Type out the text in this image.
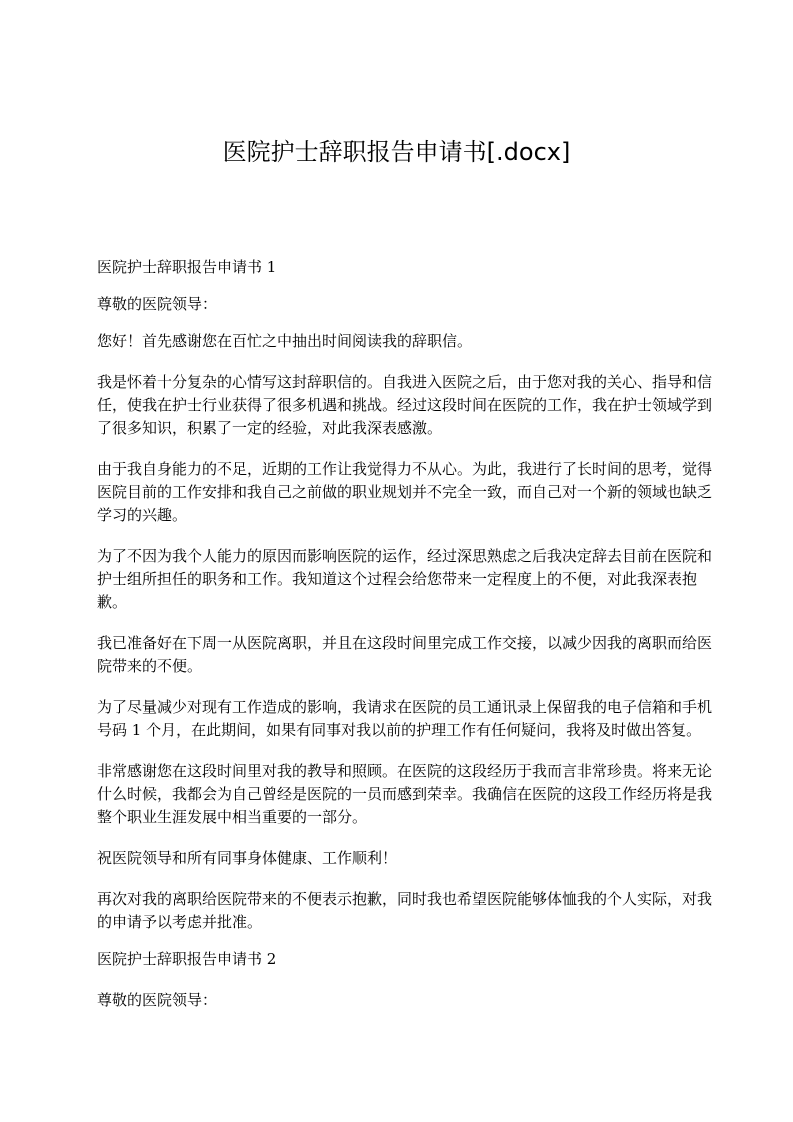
医院护士辞职报告申请书[.docx]

医院护士辞职报告申请书 1

尊敬的医院领导：

您好！首先感谢您在百忙之中抽出时间阅读我的辞职信。

我是怀着十分复杂的心情写这封辞职信的。自我进入医院之后，由于您对我的关心、指导和信任，使我在护士行业获得了很多机遇和挑战。经过这段时间在医院的工作，我在护士领域学到了很多知识，积累了一定的经验，对此我深表感激。

由于我自身能力的不足，近期的工作让我觉得力不从心。为此，我进行了长时间的思考，觉得医院目前的工作安排和我自己之前做的职业规划并不完全一致，而自己对一个新的领域也缺乏学习的兴趣。

为了不因为我个人能力的原因而影响医院的运作，经过深思熟虑之后我决定辞去目前在医院和护士组所担任的职务和工作。我知道这个过程会给您带来一定程度上的不便，对此我深表抱歉。

我已准备好在下周一从医院离职，并且在这段时间里完成工作交接，以减少因我的离职而给医院带来的不便。

为了尽量减少对现有工作造成的影响，我请求在医院的员工通讯录上保留我的电子信箱和手机号码 1 个月，在此期间，如果有同事对我以前的护理工作有任何疑问，我将及时做出答复。

非常感谢您在这段时间里对我的教导和照顾。在医院的这段经历于我而言非常珍贵。将来无论什么时候，我都会为自己曾经是医院的一员而感到荣幸。我确信在医院的这段工作经历将是我整个职业生涯发展中相当重要的一部分。

祝医院领导和所有同事身体健康、工作顺利！

再次对我的离职给医院带来的不便表示抱歉，同时我也希望医院能够体恤我的个人实际，对我的申请予以考虑并批准。

医院护士辞职报告申请书 2

尊敬的医院领导：
